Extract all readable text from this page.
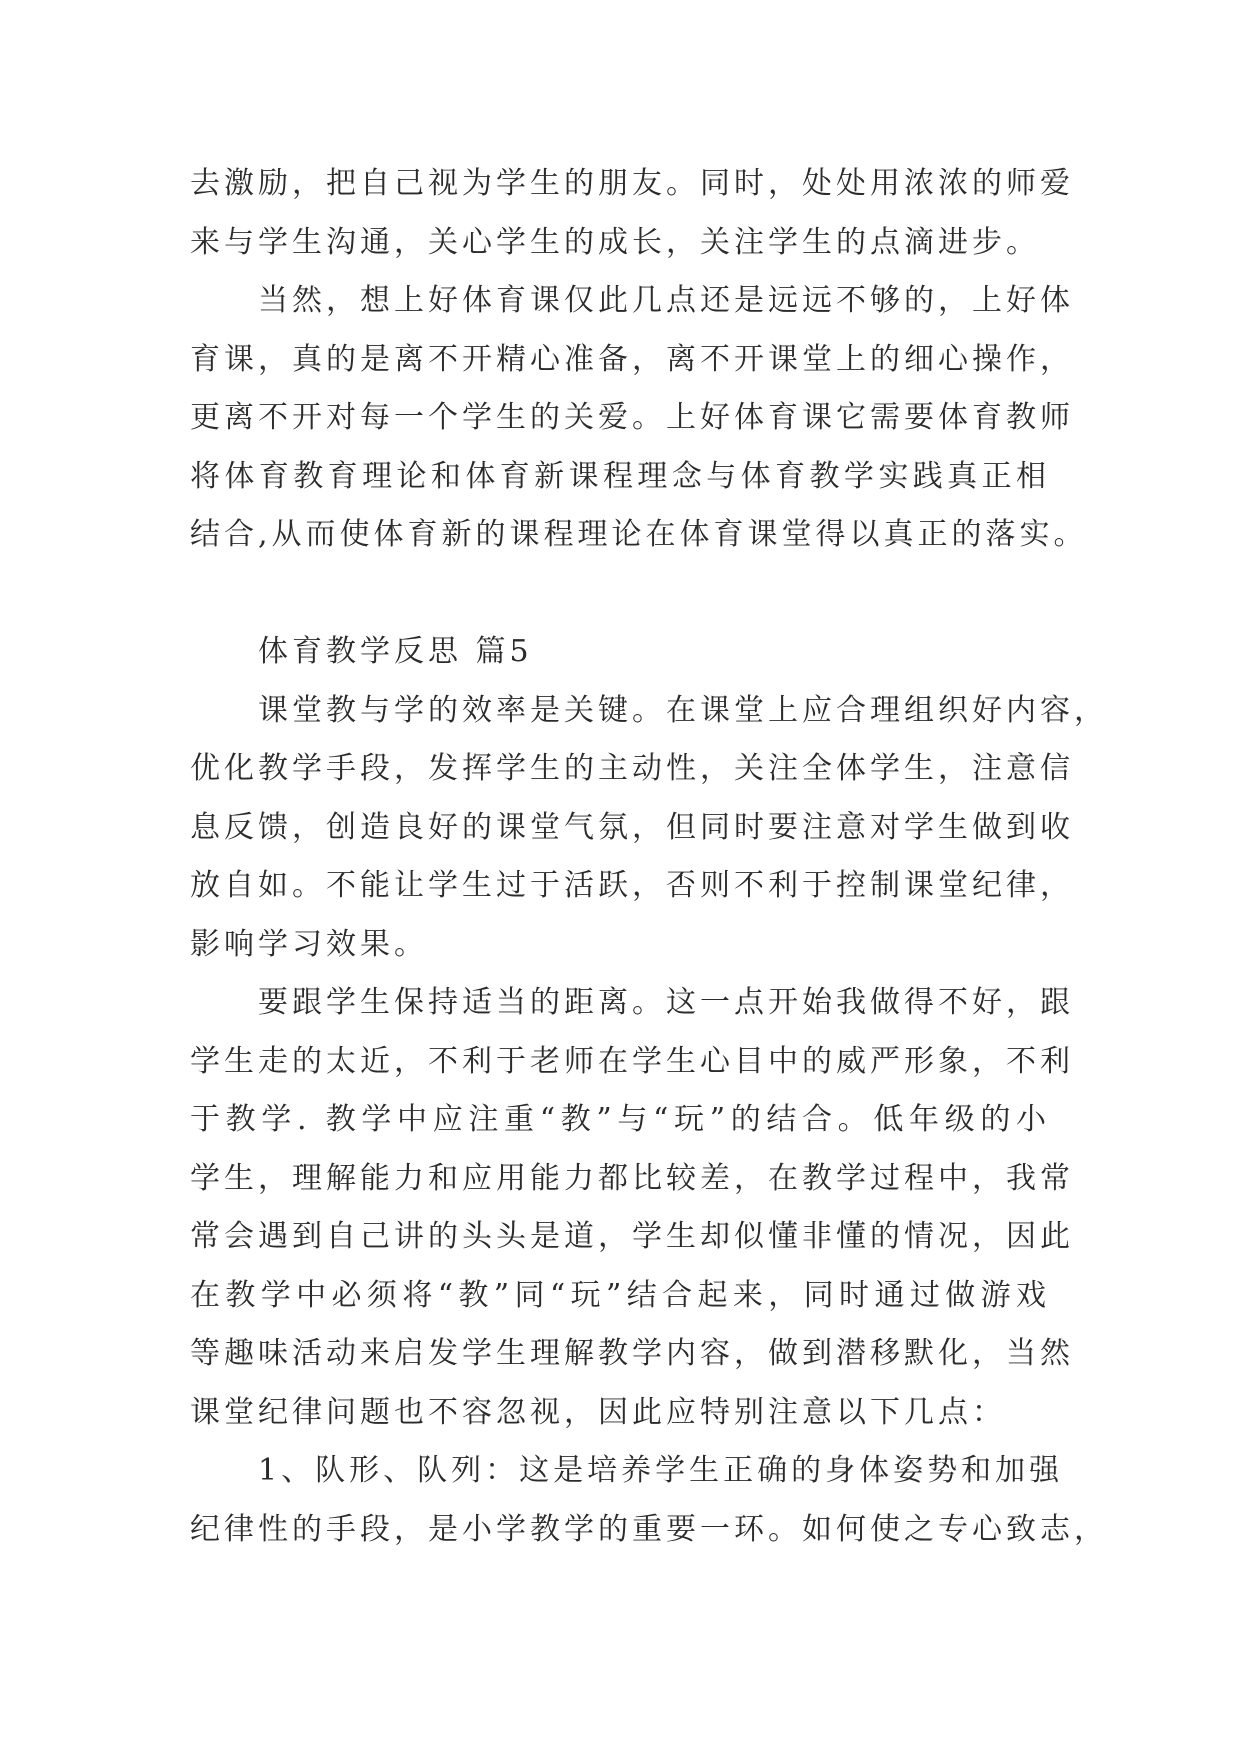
去激励，把自己视为学生的朋友。同时，处处用浓浓的师爱
来与学生沟通，关心学生的成长，关注学生的点滴进步。
当然，想上好体育课仅此几点还是远远不够的，上好体
育课，真的是离不开精心准备，离不开课堂上的细心操作，
更离不开对每一个学生的关爱。上好体育课它需要体育教师
将体育教育理论和体育新课程理念与体育教学实践真正相
结合,从而使体育新的课程理论在体育课堂得以真正的落实。
体育教学反思 篇5
课堂教与学的效率是关键。在课堂上应合理组织好内容，
优化教学手段，发挥学生的主动性，关注全体学生，注意信
息反馈，创造良好的课堂气氛，但同时要注意对学生做到收
放自如。不能让学生过于活跃，否则不利于控制课堂纪律，
影响学习效果。
要跟学生保持适当的距离。这一点开始我做得不好，跟
学生走的太近，不利于老师在学生心目中的威严形象，不利
于教学. 教学中应注重“教”与“玩”的结合。低年级的小
学生，理解能力和应用能力都比较差，在教学过程中，我常
常会遇到自己讲的头头是道，学生却似懂非懂的情况，因此
在教学中必须将“教”同“玩”结合起来，同时通过做游戏
等趣味活动来启发学生理解教学内容，做到潜移默化，当然
课堂纪律问题也不容忽视，因此应特别注意以下几点：
1、队形、队列：这是培养学生正确的身体姿势和加强
纪律性的手段，是小学教学的重要一环。如何使之专心致志，
